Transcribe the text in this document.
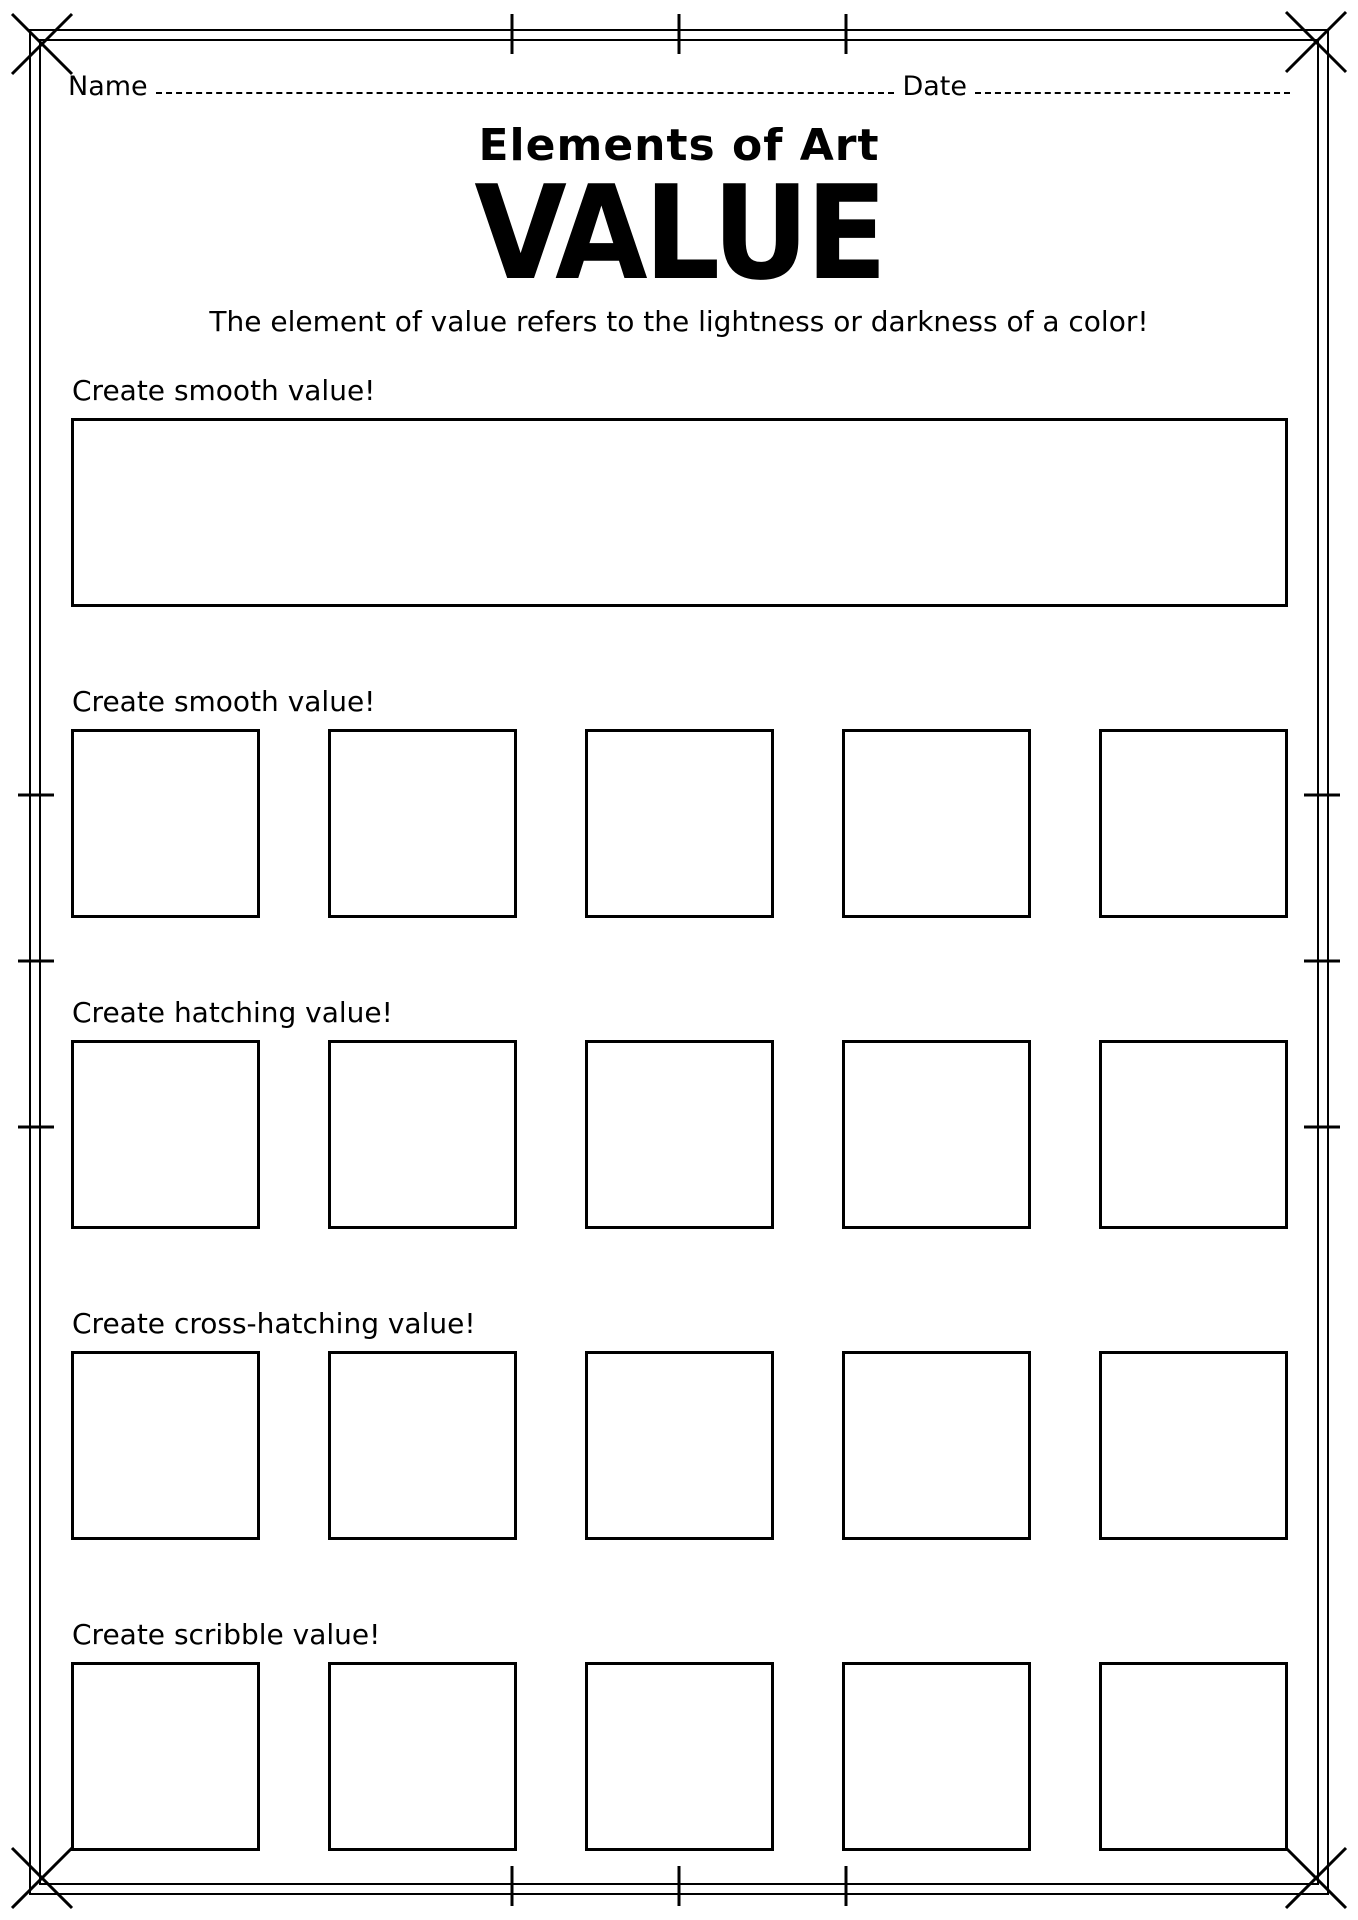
Name	Date
Elements of Art
VALUE
The element of value refers to the lightness or darkness of a color!
Create smooth value!
Create smooth value!
Create hatching value!
Create cross-hatching value!
Create scribble value!
